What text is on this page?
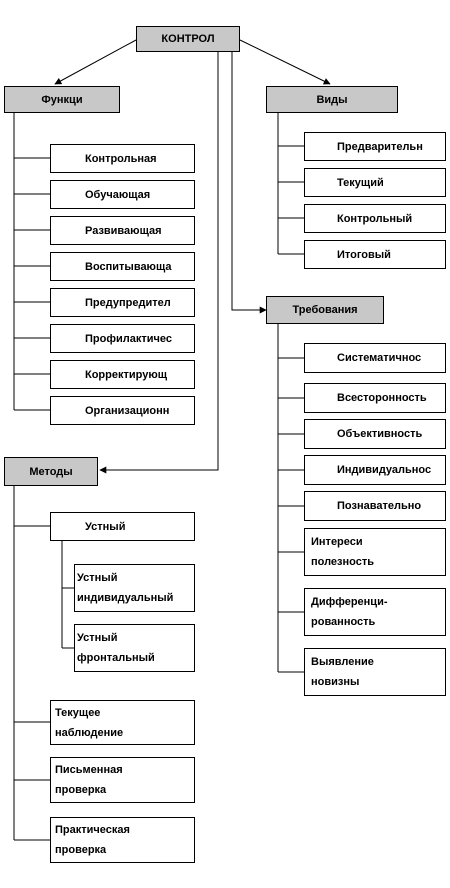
КОНТРОЛ
Функци
Контрольная
Обучающая
Развивающая
Воспитывающа
Предупредител
Профилактичес
Корректирующ
Организационн
Виды
Предварительн
Текущий
Контрольный
Итоговый
Требования
Систематичнос
Всесторонность
Объективность
Индивидуальнос
Познавательно
Интереси полезность
Дифференци-рованность
Выявление новизны
Методы
Устный
Устный индивидуальный
Устный фронтальный
Текущее наблюдение
Письменная проверка
Практическая проверка
